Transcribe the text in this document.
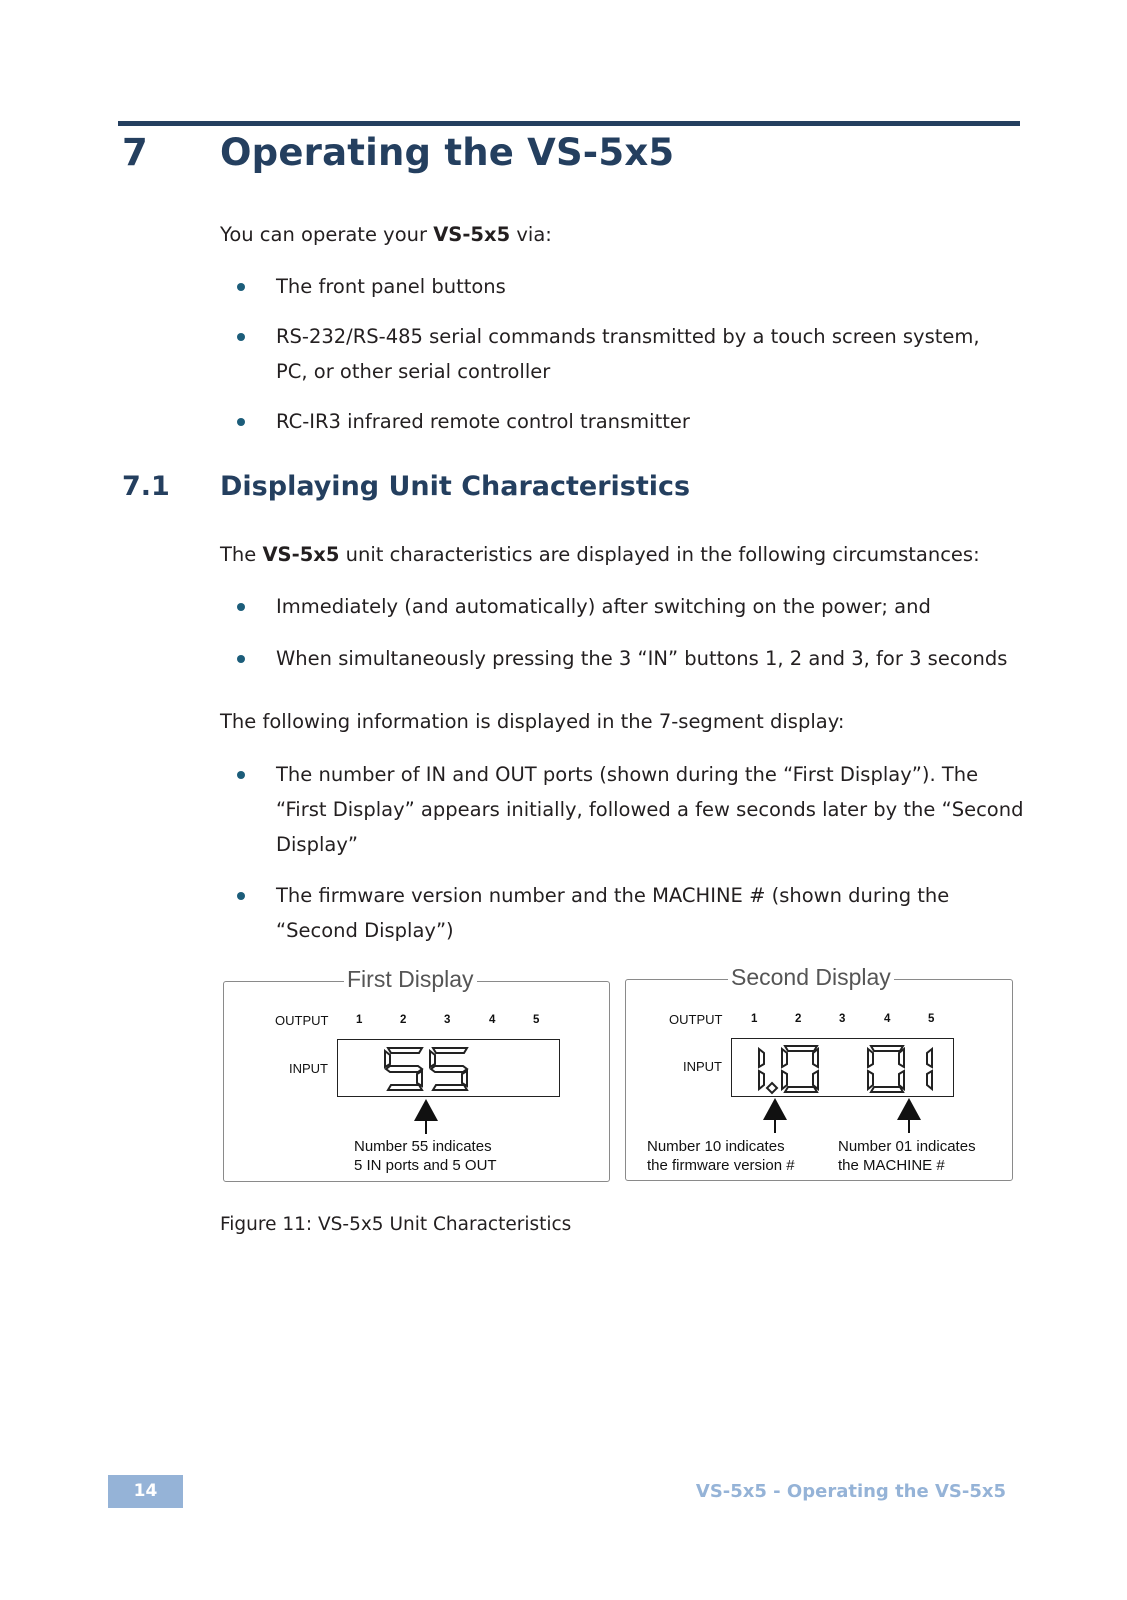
7 Operating the VS-5x5
You can operate your VS-5x5 via:
The front panel buttons
RS-232/RS-485 serial commands transmitted by a touch screen system,
PC, or other serial controller
RC-IR3 infrared remote control transmitter
7.1 Displaying Unit Characteristics
The VS-5x5 unit characteristics are displayed in the following circumstances:
Immediately (and automatically) after switching on the power; and
When simultaneously pressing the 3 “IN” buttons 1, 2 and 3, for 3 seconds
The following information is displayed in the 7-segment display:
The number of IN and OUT ports (shown during the “First Display”). The
“First Display” appears initially, followed a few seconds later by the “Second
Display”
The firmware version number and the MACHINE # (shown during the
“Second Display”)
First Display
OUTPUT 1	2	3	4	5
INPUT
Number 55 indicates
5 IN ports and 5 OUT
Second Display
OUTPUT 1	2	3	4	5
INPUT
Number 10 indicates
the firmware version #
Number 01 indicates
the MACHINE #
Figure 11: VS-5x5 Unit Characteristics
14	VS-5x5 - Operating the VS-5x5
